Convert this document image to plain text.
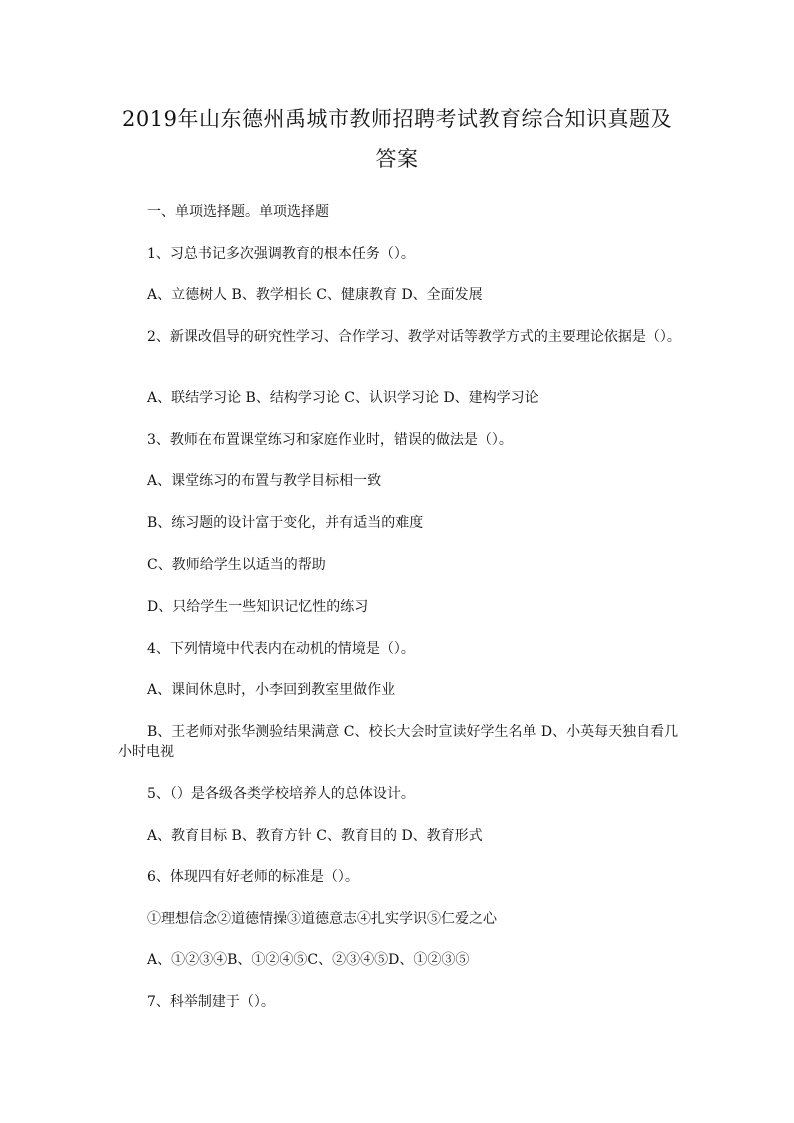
2019年山东德州禹城市教师招聘考试教育综合知识真题及
答案
一、单项选择题。单项选择题
1、习总书记多次强调教育的根本任务（）。
A、立德树人 B、教学相长 C、健康教育 D、全面发展
2、新课改倡导的研究性学习、合作学习、教学对话等教学方式的主要理论依据是（）。
A、联结学习论 B、结构学习论 C、认识学习论 D、建构学习论
3、教师在布置课堂练习和家庭作业时，错误的做法是（）。
A、课堂练习的布置与教学目标相一致
B、练习题的设计富于变化，并有适当的难度
C、教师给学生以适当的帮助
D、只给学生一些知识记忆性的练习
4、下列情境中代表内在动机的情境是（）。
A、课间休息时，小李回到教室里做作业
B、王老师对张华测验结果满意 C、校长大会时宣读好学生名单 D、小英每天独自看几
小时电视
5、（）是各级各类学校培养人的总体设计。
A、教育目标 B、教育方针 C、教育目的 D、教育形式
6、体现四有好老师的标准是（）。
①理想信念②道德情操③道德意志④扎实学识⑤仁爱之心
A、①②③④B、①②④⑤C、②③④⑤D、①②③⑤
7、科举制建于（）。
